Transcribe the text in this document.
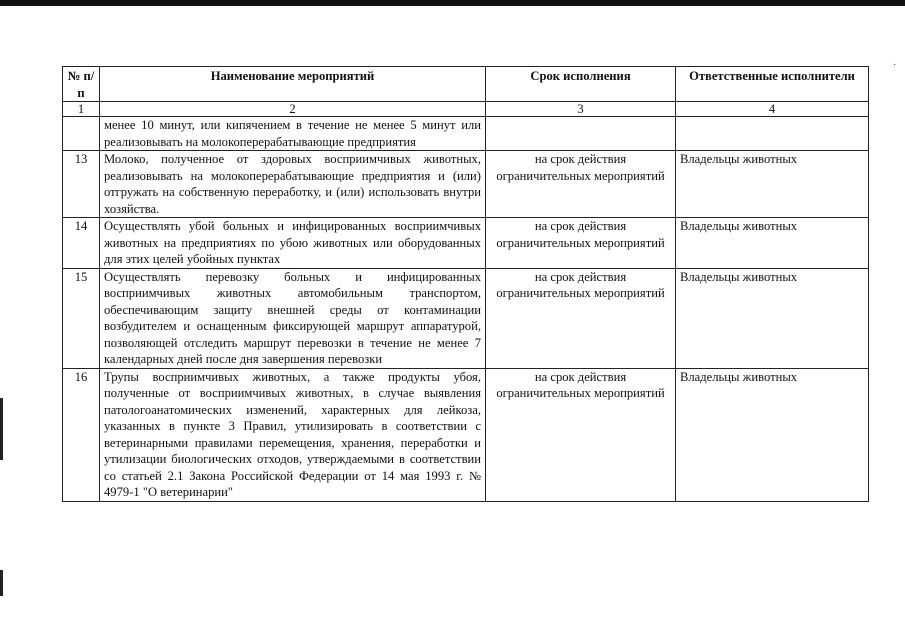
·
№ п/п	Наименование мероприятий	Срок исполнения	Ответственные исполнители
1	2	3	4
	менее 10 минут, или кипячением в течение не менее 5 минут или реализовывать на молокоперерабатывающие предприятия		
13	Молоко, полученное от здоровых восприимчивых животных, реализовывать на молокоперерабатывающие предприятия и (или) отгружать на собственную переработку, и (или) использовать внутри хозяйства.	на срок действия ограничительных мероприятий	Владельцы животных
14	Осуществлять убой больных и инфицированных восприимчивых животных на предприятиях по убою животных или оборудованных для этих целей убойных пунктах	на срок действия ограничительных мероприятий	Владельцы животных
15	Осуществлять перевозку больных и инфицированных восприимчивых животных автомобильным транспортом, обеспечивающим защиту внешней среды от контаминации возбудителем и оснащенным фиксирующей маршрут аппаратурой, позволяющей отследить маршрут перевозки в течение не менее 7 календарных дней после дня завершения перевозки	на срок действия ограничительных мероприятий	Владельцы животных
16	Трупы восприимчивых животных, а также продукты убоя, полученные от восприимчивых животных, в случае выявления патологоанатомических изменений, характерных для лейкоза, указанных в пункте 3 Правил, утилизировать в соответствии с ветеринарными правилами перемещения, хранения, переработки и утилизации биологических отходов, утверждаемыми в соответствии со статьей 2.1 Закона Российской Федерации от 14 мая 1993 г. № 4979-1 "О ветеринарии"	на срок действия ограничительных мероприятий	Владельцы животных
